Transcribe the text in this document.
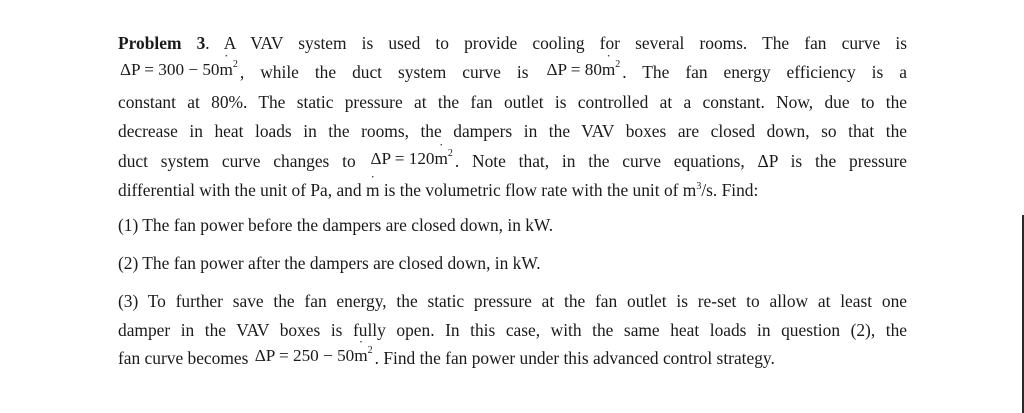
Problem 3. A VAV system is used to provide cooling for several rooms. The fan curve is
ΔP = 300 − 50˙ $m^2$ , while the duct system curve is ΔP = 80˙ $m^2$ . The fan energy efficiency is a
constant at 80%. The static pressure at the fan outlet is controlled at a constant. Now, due to the
decrease in heat loads in the rooms, the dampers in the VAV boxes are closed down, so that the
duct system curve changes to ΔP = 120˙ $m^2$ . Note that, in the curve equations, ΔP is the pressure
differential with the unit of Pa, and ˙ m is the volumetric flow rate with the unit of $m^3/s$. Find:

(1) The fan power before the dampers are closed down, in kW.

(2) The fan power after the dampers are closed down, in kW.

(3) To further save the fan energy, the static pressure at the fan outlet is re-set to allow at least one
damper in the VAV boxes is fully open. In this case, with the same heat loads in question (2), the
fan curve becomes ΔP = 250 − 50˙ $m^2$ . Find the fan power under this advanced control strategy.
